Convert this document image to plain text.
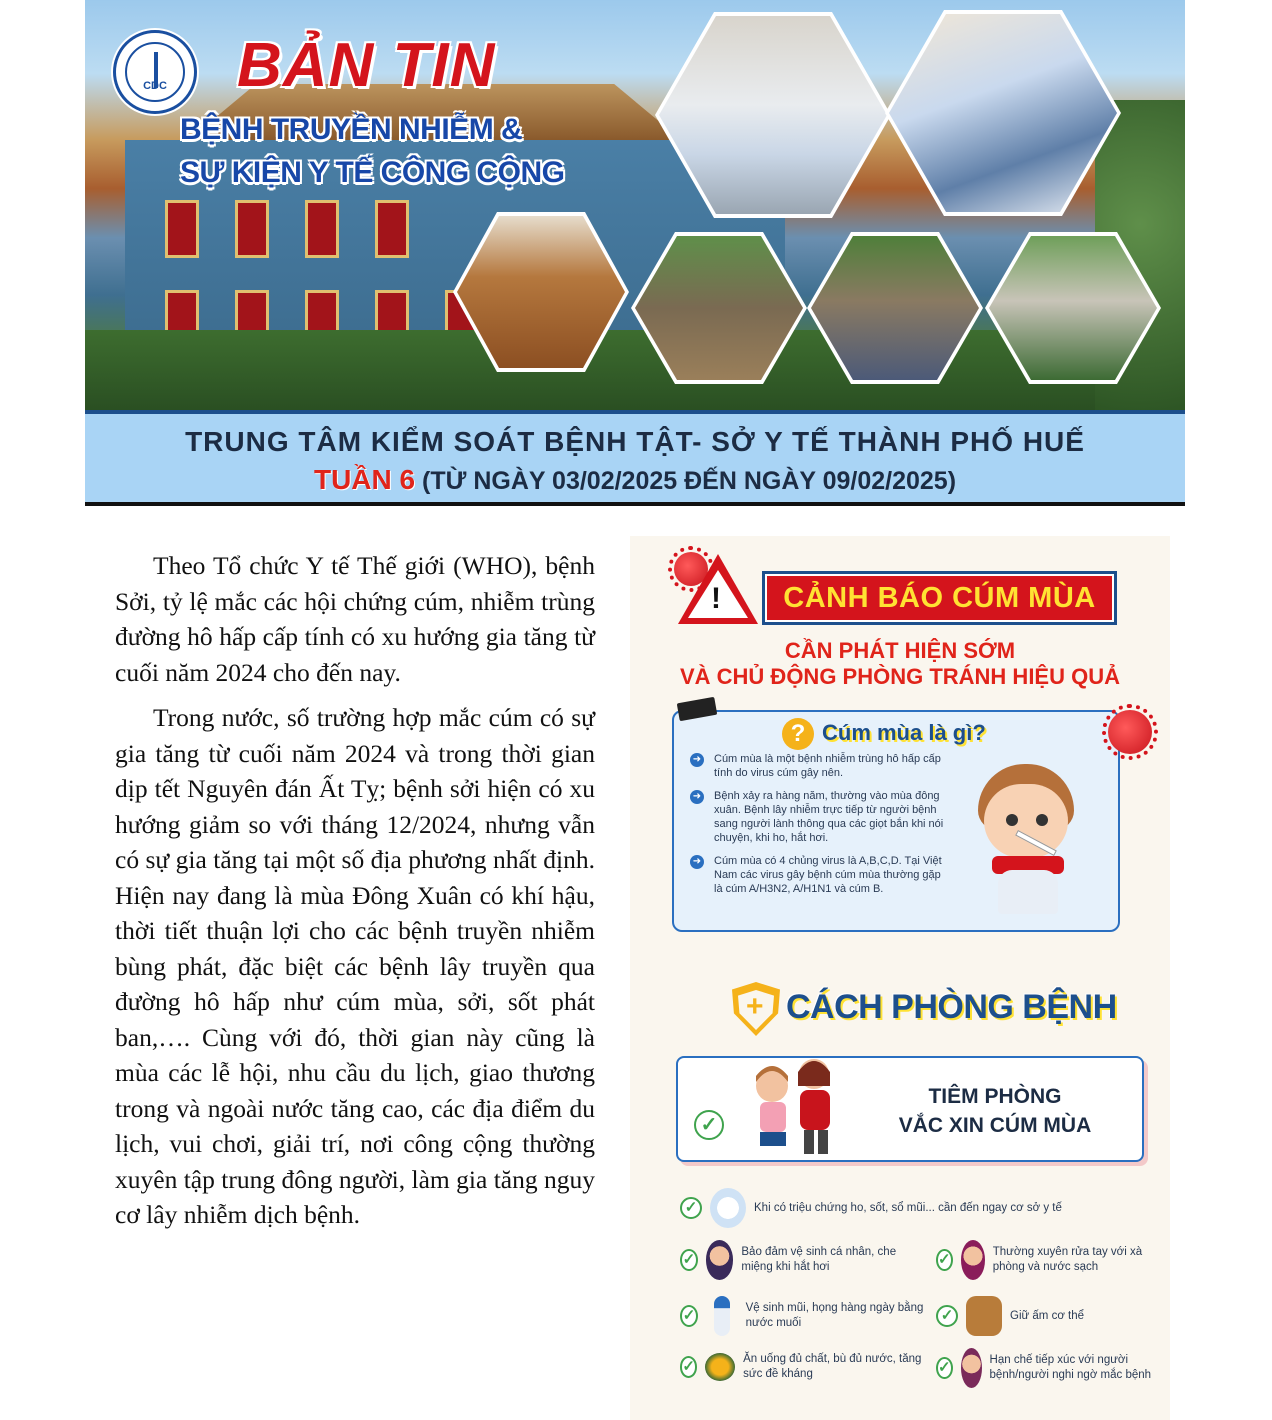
CDC BẢN TIN
BỆNH TRUYỀN NHIỄM &
SỰ KIỆN Y TẾ CÔNG CỘNG
TRUNG TÂM KIỂM SOÁT BỆNH TẬT- SỞ Y TẾ THÀNH PHỐ HUẾ
TUẦN 6 (TỪ NGÀY 03/02/2025 ĐẾN NGÀY 09/02/2025)

Theo Tổ chức Y tế Thế giới (WHO), bệnh Sởi, tỷ lệ mắc các hội chứng cúm, nhiễm trùng đường hô hấp cấp tính có xu hướng gia tăng từ cuối năm 2024 cho đến nay.

Trong nước, số trường hợp mắc cúm có sự gia tăng từ cuối năm 2024 và trong thời gian dịp tết Nguyên đán Ất Tỵ; bệnh sởi hiện có xu hướng giảm so với tháng 12/2024, nhưng vẫn có sự gia tăng tại một số địa phương nhất định. Hiện nay đang là mùa Đông Xuân có khí hậu, thời tiết thuận lợi cho các bệnh truyền nhiễm bùng phát, đặc biệt các bệnh lây truyền qua đường hô hấp như cúm mùa, sởi, sốt phát ban,…. Cùng với đó, thời gian này cũng là mùa các lễ hội, nhu cầu du lịch, giao thương trong và ngoài nước tăng cao, các địa điểm du lịch, vui chơi, giải trí, nơi công cộng thường xuyên tập trung đông người, làm gia tăng nguy cơ lây nhiễm dịch bệnh.

!	CẢNH BÁO CÚM MÙA
CẦN PHÁT HIỆN SỚM
VÀ CHỦ ĐỘNG PHÒNG TRÁNH HIỆU QUẢ
? Cúm mùa là gì?
➜ Cúm mùa là một bệnh nhiễm trùng hô hấp cấp tính do virus cúm gây nên.
➜ Bệnh xảy ra hàng năm, thường vào mùa đông xuân. Bệnh lây nhiễm trực tiếp từ người bệnh sang người lành thông qua các giọt bắn khi nói chuyện, khi ho, hắt hơi.
➜ Cúm mùa có 4 chủng virus là A,B,C,D. Tại Việt Nam các virus gây bệnh cúm mùa thường gặp là cúm A/H3N2, A/H1N1 và cúm B.
+ CÁCH PHÒNG BỆNH
✓
TIÊM PHÒNG
VẮC XIN CÚM MÙA
✓	Khi có triệu chứng ho, sốt, sổ mũi... cần đến ngay cơ sở y tế
✓	Bảo đảm vệ sinh cá nhân, che miệng khi hắt hơi	✓	Thường xuyên rửa tay với xà phòng và nước sạch
✓	Vệ sinh mũi, họng hàng ngày bằng nước muối	✓	Giữ ấm cơ thể
✓	Ăn uống đủ chất, bù đủ nước, tăng sức đề kháng	✓	Hạn chế tiếp xúc với người bệnh/người nghi ngờ mắc bệnh
